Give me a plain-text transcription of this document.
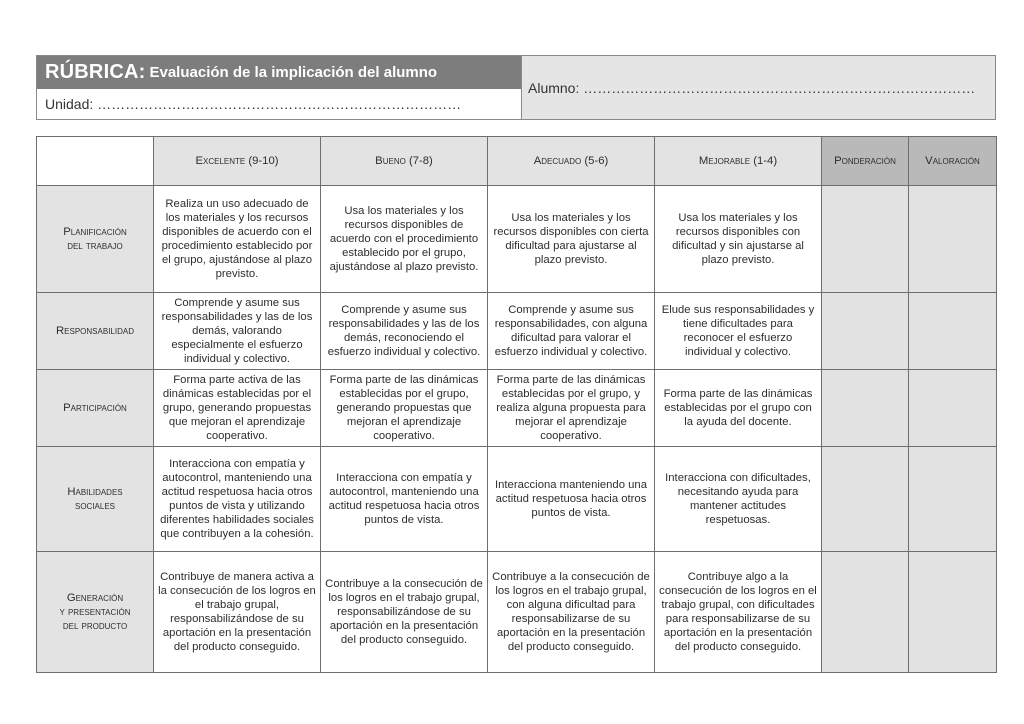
RÚBRICA: Evaluación de la implicación del alumno
Unidad: ……………………………………………………………………
Alumno: …………………………………………………………………………
	Excelente (9-10)	Bueno (7-8)	Adecuado (5-6)	Mejorable (1-4)	Ponderación	Valoración

Planificación
del trabajo	Realiza un uso adecuado de los materiales y los recursos disponibles de acuerdo con el procedimiento establecido por el grupo, ajustándose al plazo previsto.	Usa los materiales y los recursos disponibles de acuerdo con el procedimiento establecido por el grupo, ajustándose al plazo previsto.	Usa los materiales y los recursos disponibles con cierta dificultad para ajustarse al plazo previsto.	Usa los materiales y los recursos disponibles con dificultad y sin ajustarse al plazo previsto.		

Responsabilidad	Comprende y asume sus responsabilidades y las de los demás, valorando especialmente el esfuerzo individual y colectivo.	Comprende y asume sus responsabilidades y las de los demás, reconociendo el esfuerzo individual y colectivo.	Comprende y asume sus responsabilidades, con alguna dificultad para valorar el esfuerzo individual y colectivo.	Elude sus responsabilidades y tiene dificultades para reconocer el esfuerzo individual y colectivo.		

Participación	Forma parte activa de las dinámicas establecidas por el grupo, generando propuestas que mejoran el aprendizaje cooperativo.	Forma parte de las dinámicas establecidas por el grupo, generando propuestas que mejoran el aprendizaje cooperativo.	Forma parte de las dinámicas establecidas por el grupo, y realiza alguna propuesta para mejorar el aprendizaje cooperativo.	Forma parte de las dinámicas establecidas por el grupo con la ayuda del docente.		

Habilidades
sociales	Interacciona con empatía y autocontrol, manteniendo una actitud respetuosa hacia otros puntos de vista y utilizando diferentes habilidades sociales que contribuyen a la cohesión.	Interacciona con empatía y autocontrol, manteniendo una actitud respetuosa hacia otros puntos de vista.	Interacciona manteniendo una actitud respetuosa hacia otros puntos de vista.	Interacciona con dificultades, necesitando ayuda para mantener actitudes respetuosas.		

Generación
y presentación
del producto	Contribuye de manera activa a la consecución de los logros en el trabajo grupal, responsabilizándose de su aportación en la presentación del producto conseguido.	Contribuye a la consecución de los logros en el trabajo grupal, responsabilizándose de su aportación en la presentación del producto conseguido.	Contribuye a la consecución de los logros en el trabajo grupal, con alguna dificultad para responsabilizarse de su aportación en la presentación del producto conseguido.	Contribuye algo a la consecución de los logros en el trabajo grupal, con dificultades para responsabilizarse de su aportación en la presentación del producto conseguido.		
